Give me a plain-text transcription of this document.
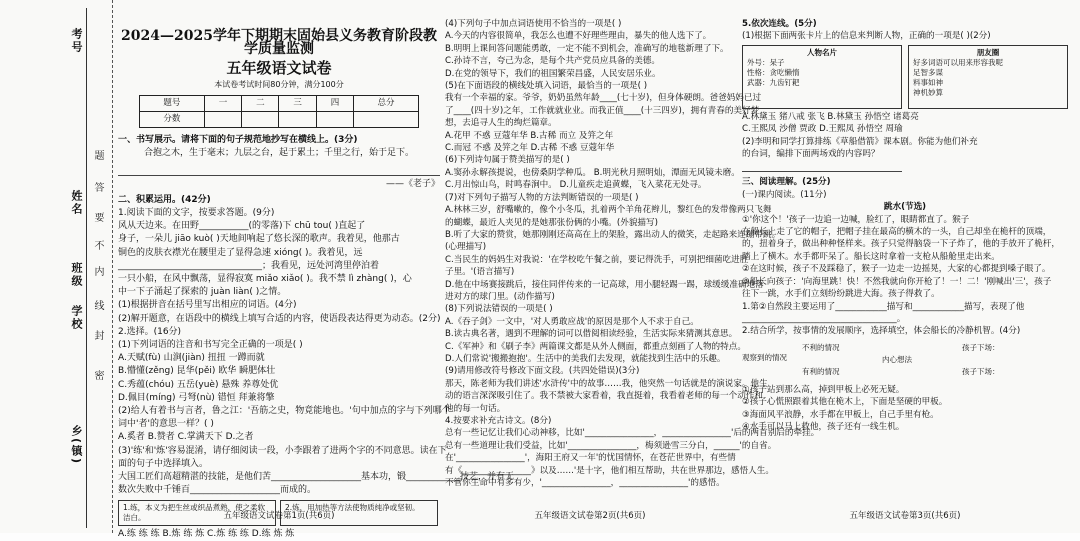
考号
姓名
班级
学校
乡(镇)
题
答
要
不
内
线
封
密
2024—2025学年下期期末固始县义务教育阶段教学质量监测
五年级语文试卷
本试卷考试时间80分钟，满分100分
题号	一	二	三	四	总分
分数					
一、书写展示。请将下面的句子规范地抄写在横线上。(3分)
合抱之木，生于毫末；九层之台，起于累土；千里之行，始于足下。
——《老子》
二、积累运用。(42分)
1.阅读下面的文字，按要求答题。(9分)
风从天边来。在田野___________(的零落)下 chū tou( )直起了
身子，一朵儿 jiāo kuò( )天地间响起了悠长深的歌声。我着见，他那古
铜色的皮肤衣襟光在腰里走了显得急速 xióng( )。我着见，远
________________________________；我看见，远处河湾里停泊着
一只小船，在风中飘荡，显得寂寞 miǎo xiǎo( )。我不禁 lì zhàng( )，心
中一下子涌起了探索的 juàn liàn( )之情。
(1)根据拼音在括号里写出相应的词语。(4分)
(2)解开题意，在语段中的横线上填写合适的内容，使语段表达得更为动态。(2分)
2.选择。(16分)
(1)下列词语的注音和书写完全正确的一项是( )
A.天赋(fù) 山涧(jiàn) 扭扭 一蹲而就
B.懵懂(zěng) 昆华(pěi) 欧华 瞬肥体壮
C.秀蕴(chóu) 五岳(yuè) 悬殊 养尊处优
D.佩目(míng) 弓弩(nù) 错恒 拜兼将擎
(2)给人有着书与言者，鲁之江：'吾筋之史，物竟能地也。'句中加点的字与下列哪个
词中'者'的意思一样？( )
A.奚者 B.赞者 C.掌满天下 D.之者
(3)'练'和'炼'容易混淆，请仔细阅读一段，小李跟着了进两个字的不同意思。读在下
面的句子中选择填入。
大国工匠们高超精湛的技能，是他们苦____________________基本功，锻____________技艺，并有无
数次失败中千锤百____________________而成的。
1.练，本义为把生丝或织品煮熟，使之柔软洁白。
2.炼，用加热等方法使物质纯净或坚韧。
A.练 练 练 B.炼 练 炼 C.炼 练 练 D.练 炼 炼
五年级语文试卷第1页(共6页)
(4)下列句子中加点词语使用不恰当的一项是( )
A.今天的内容很简单，我怎么也遭不好理些理由，暴失的他人选下了。
B.明明上课间答问题能勇敢，一定不能不到机会，准确写的地毯新理了下。
C.孙诗不言，夸己为念，是每个共产党员应具备的美德。
D.在党的领导下，我们的祖国繁荣昌盛，人民安居乐业。
(5)在下面语段的横线处填入词语，最恰当的一项是( )
我有一个幸福的家。爷爷，奶奶虽然年龄____(七十岁)，但身体硬朗。爸爸妈妈已过
了____(四十岁)之年，工作就就业业。而我正值____(十三四岁)，拥有青春的美好梦
想，去追寻人生的绚烂篇章。
A.花甲 不惑 豆蔻年华 B.古稀 而立 及笄之年
C.而冠 不惑 及笄之年 D.古稀 不惑 豆蔻年华
(6)下列诗句属于赞美描写的是( )
A.窦孙永解孩提说，也傍桑阴学种瓜。 B.明光秋月照明灿，潭面无风镜未磨。
C.月出惊山鸟，时鸣春涧中。 D.儿童疾走追黄蝶，飞入菜花无处寻。
(7)对下列句子描写人物的方法判断错误的一项是( )
A.林林三岁，舒嘴嗽的，像个小冬瓜，扎着两个羊角花辫儿，黎红色的发带像两只飞舞
的蝴蝶，最近人夹见的是她那张份俩的小嘴。(外貌描写)
B.听了大家的赞赏，她那刚刚还高高在上的架脸，露出动人的微笑，走起路来连蹦带跳。
(心理描写)
C.当民生的妈妈生对我说：'在学校吃午餐之前，要记得洗手，可别把细菌吃进肚
子里。'(语言描写)
D.他在中场赛接跳后，接住同伴传来的一记高球，用小腿轻踢一踢，球缓缓准确地落
进对方的球门里。(动作描写)
(8)下列说法错误的一项是( )
A.《吞子剑》一文中，'对人勇敢应战'的原因是那个人不求于自己。
B.读古典名著，遇到不理解的词可以借阅相读经验，生活实际来猜测其意思。
C.《军神》和《刷子李》两篇课文都是从外人侧面，都重点刻画了人物的特点。
D.人们常说'搬搬抱抱'。生活中的美我们去发现，就能找到生活中的乐趣。
(9)请用修改符号修改下面文段。(共四处错误)(3分)
那天，陈老师为我们讲述'水浒传'中的故事……我，他突然一句话就是的演说家。他生
动的语言深深吸引住了。我不禁被大家看着，我直挺着，我看着老师的每一个动作和
他的每一句话。
4.按要求补充古诗文。(8分)
总有一些记忆让我们心动神移，比如'________________，________________'后的两首别后的牵挂。
总有一些道理让我们受益，比如'________________，梅须逊雪三分白，______'的自省。
在'________________'，海阳王府又一年'的忧国情怀，在苍茫世界中，有些情
有《________________》以及……'是十字，他们相互帮助，共在世界那边，感悟人生。
不管你生命中有多有少，'________________，________________'的感悟。
五年级语文试卷第2页(共6页)
5.依次连线。(5分)
(1)根据下面两张卡片上的信息来判断人物，正确的一项是( )(2分)
人物名片
外号：呆子
性格：贪吃懒惰
武器：九齿钉耙
朋友圈
好多词语可以用来形容我呢
足智多谋
料事如神
神机妙算
A.林黛玉 猪八戒 张飞 B.林黛玉 孙悟空 诸葛亮
C.王熙凤 沙僧 贾政 D.王熙凤 孙悟空 周瑜
(2)李明和同学打算排练《草船借箭》课本剧。你能为他们补充
的台词，编排下面两场戏的内容吗？
三、阅读理解。(25分)
(一)课内阅读。(11分)
跳水(节选)
①'你这个！'孩子一边追一边喊，脸红了，眼睛都直了。猴子
在船长上走了它的帽子，把帽子挂在最高的横木的一头，自己却坐在桅杆的顶端，
的，扭着身子，做出种种怪样来。孩子只觉得脑袋一下子炸了，他的手放开了桅杆，
踏上了横木。水手都吓呆了。船长这时拿着一支枪从船舱里走出来。
②在这时候，孩子不及踩稳了，猴子一边走一边摇晃，大家的心都提到嗓子眼了。
③船长向孩子：'向海里跳！快！不然我就向你开枪了！一！二！'刚喊出'三'，孩子
往下一跳，水手们立刻纷纷跳进大海。孩子得救了。
1.第②自然段主要运用了____________描写和____________描写，表现了他
____________________________________。
2.结合所学，按事情的发展顺序，选择填空，体会船长的冷静机智。(4分)
观察到的情况
不利的情况
有利的情况
内心想法
孩子下场：
孩子下场：
①孩子站到那么高，掉到甲板上必死无疑。
②孩子心慌照跟着其他在桅木上，下面是坚硬的甲板。
③海面风平浪静，水手都在甲板上，自己手里有枪。
④水手可以马上救他，孩子还有一线生机。
五年级语文试卷第3页(共6页)
